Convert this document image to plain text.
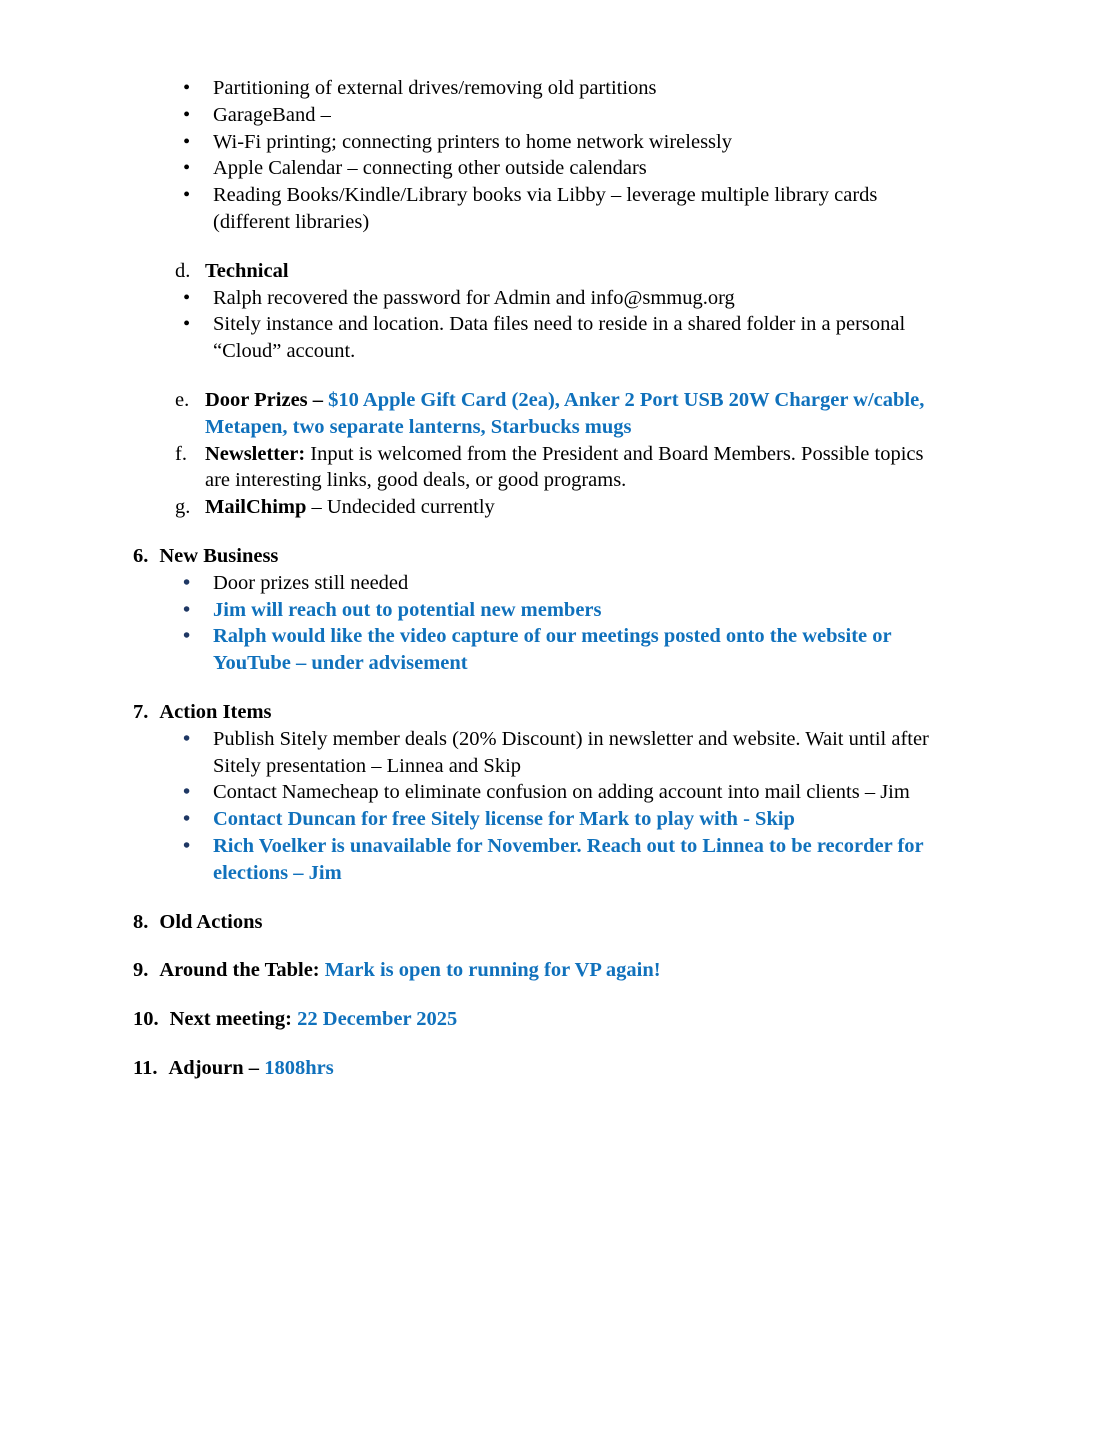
•	Partitioning of external drives/removing old partitions
•	GarageBand –
•	Wi-Fi printing; connecting printers to home network wirelessly
•	Apple Calendar – connecting other outside calendars
•	Reading Books/Kindle/Library books via Libby – leverage multiple library cards
(different libraries)
d. Technical
•	Ralph recovered the password for Admin and info@smmug.org
•	Sitely instance and location. Data files need to reside in a shared folder in a personal
“Cloud” account.
e. Door Prizes – $10 Apple Gift Card (2ea), Anker 2 Port USB 20W Charger w/cable,
Metapen, two separate lanterns, Starbucks mugs
f. Newsletter: Input is welcomed from the President and Board Members. Possible topics
are interesting links, good deals, or good programs.
g. MailChimp – Undecided currently
6. New Business
•	Door prizes still needed
•	Jim will reach out to potential new members
•	Ralph would like the video capture of our meetings posted onto the website or
YouTube – under advisement
7. Action Items
•	Publish Sitely member deals (20% Discount) in newsletter and website. Wait until after
Sitely presentation – Linnea and Skip
•	Contact Namecheap to eliminate confusion on adding account into mail clients – Jim
•	Contact Duncan for free Sitely license for Mark to play with - Skip
•	Rich Voelker is unavailable for November. Reach out to Linnea to be recorder for
elections – Jim
8. Old Actions
9. Around the Table: Mark is open to running for VP again!
10. Next meeting: 22 December 2025
11. Adjourn – 1808hrs
